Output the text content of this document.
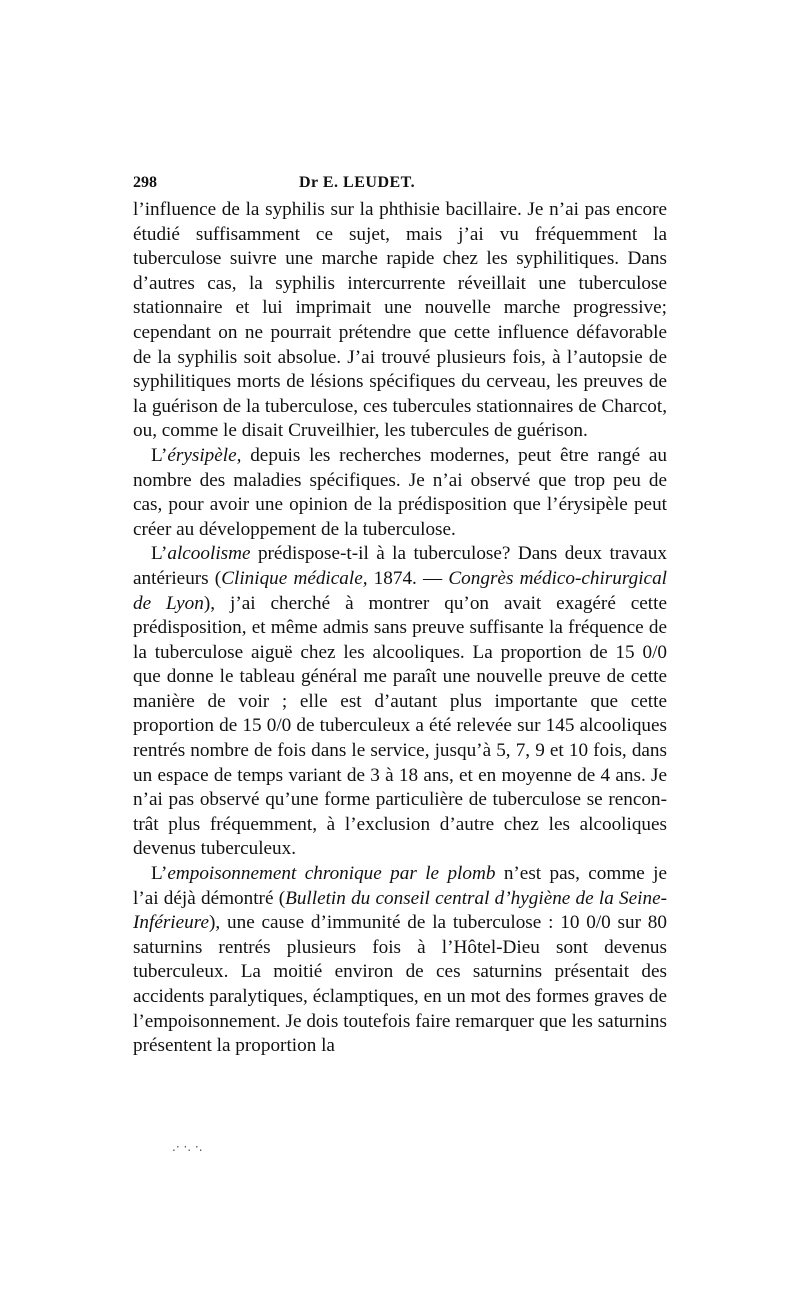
298	Dr E. LEUDET.

l’influence de la syphilis sur la phthisie bacillaire. Je n’ai pas encore étudié suffisamment ce sujet, mais j’ai vu fréquemment la tuberculose suivre une marche rapide chez les syphilitiques. Dans d’autres cas, la syphilis intercurrente réveillait une tuberculose stationnaire et lui imprimait une nouvelle marche progressive; cependant on ne pourrait prétendre que cette influence défavorable de la syphilis soit absolue. J’ai trouvé plusieurs fois, à l’autopsie de syphilitiques morts de lésions spécifiques du cerveau, les preuves de la guérison de la tuberculose, ces tubercules stationnaires de Charcot, ou, comme le disait Cruveilhier, les tubercules de guérison.

L’érysipèle, depuis les recherches modernes, peut être rangé au nombre des maladies spécifiques. Je n’ai observé que trop peu de cas, pour avoir une opinion de la prédisposition que l’érysipèle peut créer au développement de la tuberculose.

L’alcoolisme prédispose-t-il à la tuberculose? Dans deux travaux antérieurs (Clinique médicale, 1874. — Congrès médico-chirurgical de Lyon), j’ai cherché à montrer qu’on avait exagéré cette prédisposition, et même admis sans preuve suffisante la fréquence de la tuberculose aiguë chez les alcooliques. La proportion de 15 0/0 que donne le tableau général me paraît une nouvelle preuve de cette manière de voir ; elle est d’autant plus importante que cette proportion de 15 0/0 de tuberculeux a été relevée sur 145 alcooliques rentrés nombre de fois dans le service, jusqu’à 5, 7, 9 et 10 fois, dans un espace de temps variant de 3 à 18 ans, et en moyenne de 4 ans. Je n’ai pas observé qu’une forme particulière de tuberculose se rencontrât plus fréquemment, à l’exclusion d’autre chez les alcooliques devenus tuberculeux.

L’empoisonnement chronique par le plomb n’est pas, comme je l’ai déjà démontré (Bulletin du conseil central d’hygiène de la Seine-Inférieure), une cause d’immunité de la tuberculose : 10 0/0 sur 80 saturnins rentrés plusieurs fois à l’Hôtel-Dieu sont devenus tuberculeux. La moitié environ de ces saturnins présentait des accidents paralytiques, éclamptiques, en un mot des formes graves de l’empoisonnement. Je dois toutefois faire remarquer que les saturnins présentent la proportion la

.· ·. ·.
